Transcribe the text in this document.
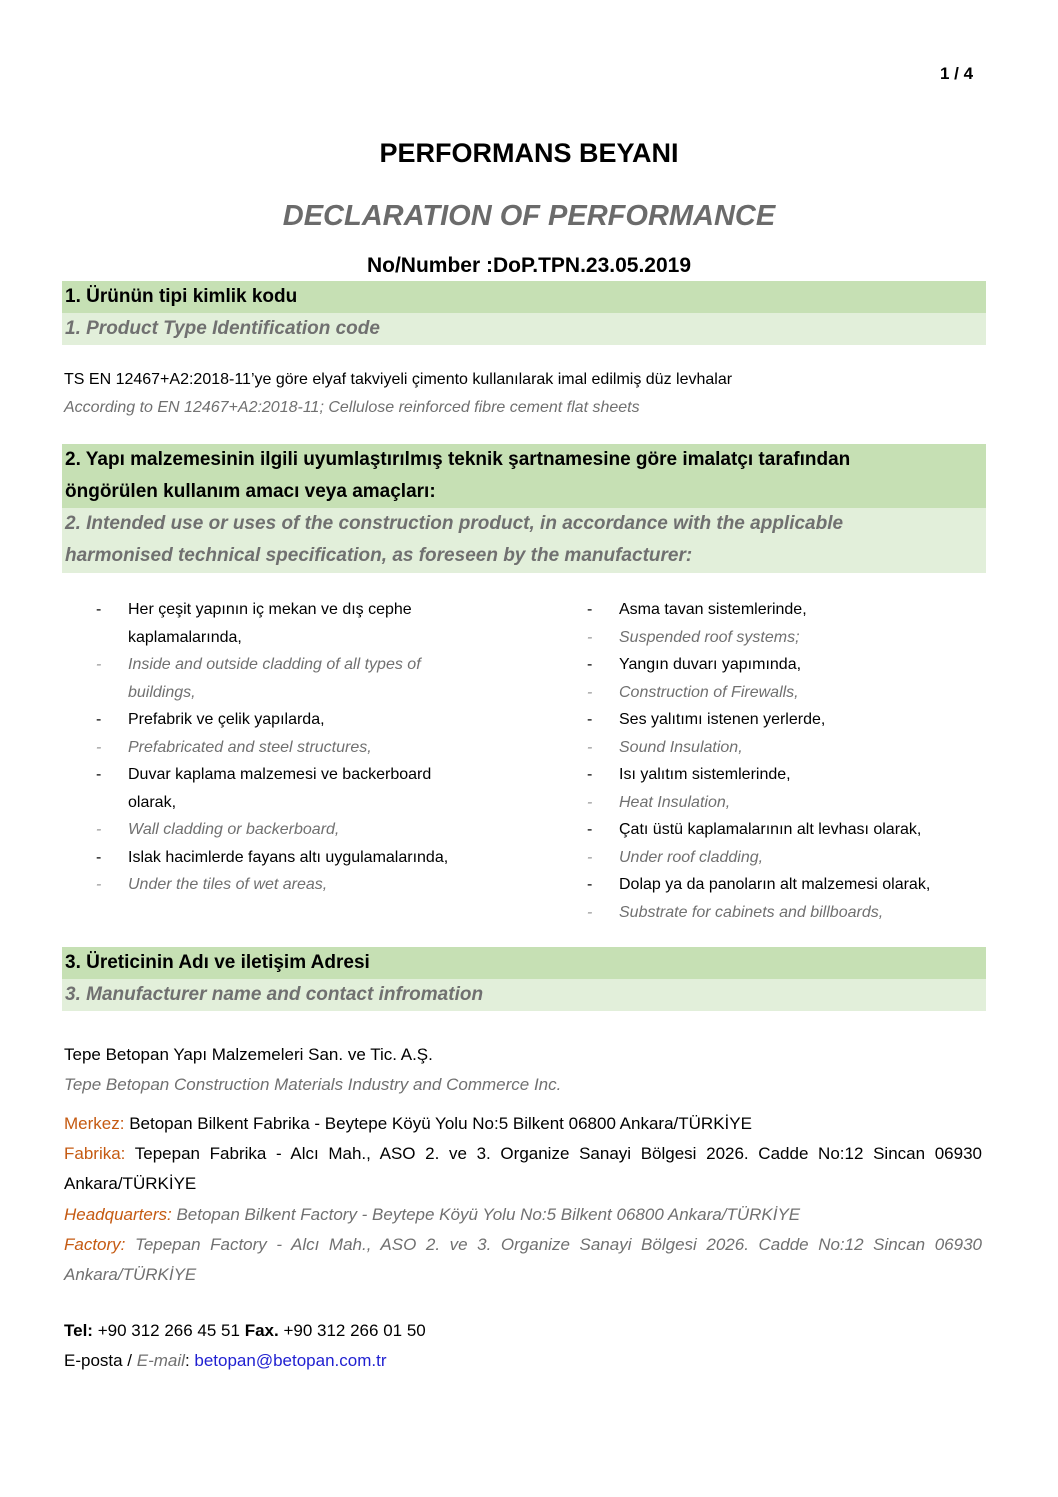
1 / 4
PERFORMANS BEYANI
DECLARATION OF PERFORMANCE
No/Number :DoP.TPN.23.05.2019
1. Ürünün tipi kimlik kodu
1. Product Type Identification code
TS EN 12467+A2:2018-11’ye göre elyaf takviyeli çimento kullanılarak imal edilmiş düz levhalar
According to EN 12467+A2:2018-11; Cellulose reinforced fibre cement flat sheets
2. Yapı malzemesinin ilgili uyumlaştırılmış teknik şartnamesine göre imalatçı tarafından
öngörülen kullanım amacı veya amaçları:
2. Intended use or uses of the construction product, in accordance with the applicable
harmonised technical specification, as foreseen by the manufacturer:
- Her çeşit yapının iç mekan ve dış cephe kaplamalarında,
- Inside and outside cladding of all types of buildings,
- Prefabrik ve çelik yapılarda,
- Prefabricated and steel structures,
- Duvar kaplama malzemesi ve backerboard olarak,
- Wall cladding or backerboard,
- Islak hacimlerde fayans altı uygulamalarında,
- Under the tiles of wet areas,
- Asma tavan sistemlerinde,
- Suspended roof systems;
- Yangın duvarı yapımında,
- Construction of Firewalls,
- Ses yalıtımı istenen yerlerde,
- Sound Insulation,
- Isı yalıtım sistemlerinde,
- Heat Insulation,
- Çatı üstü kaplamalarının alt levhası olarak,
- Under roof cladding,
- Dolap ya da panoların alt malzemesi olarak,
- Substrate for cabinets and billboards,
3. Üreticinin Adı ve iletişim Adresi
3. Manufacturer name and contact infromation
Tepe Betopan Yapı Malzemeleri San. ve Tic. A.Ş.
Tepe Betopan Construction Materials Industry and Commerce Inc.
Merkez: Betopan Bilkent Fabrika - Beytepe Köyü Yolu No:5 Bilkent 06800 Ankara/TÜRKİYE
Fabrika: Tepepan Fabrika - Alcı Mah., ASO 2. ve 3. Organize Sanayi Bölgesi 2026. Cadde No:12 Sincan 06930 Ankara/TÜRKİYE
Headquarters: Betopan Bilkent Factory - Beytepe Köyü Yolu No:5 Bilkent 06800 Ankara/TÜRKİYE
Factory: Tepepan Factory - Alcı Mah., ASO 2. ve 3. Organize Sanayi Bölgesi 2026. Cadde No:12 Sincan 06930 Ankara/TÜRKİYE
Tel: +90 312 266 45 51 Fax. +90 312 266 01 50
E-posta / E-mail: betopan@betopan.com.tr
